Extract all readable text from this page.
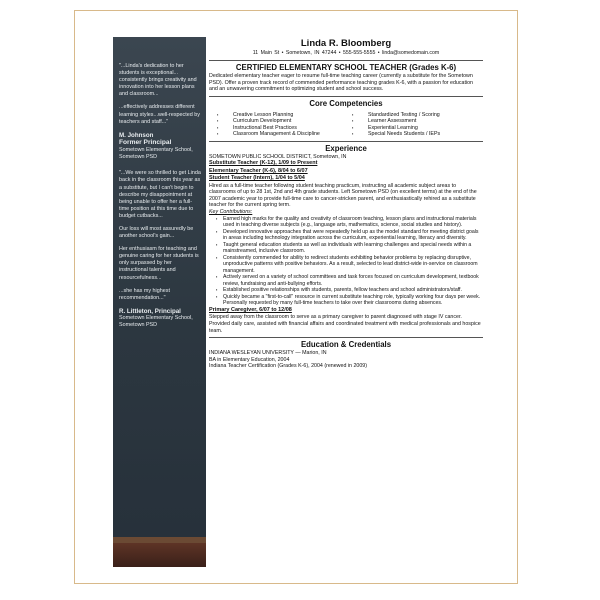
"...Linda's dedication to her students is exceptional... consistently brings creativity and innovation into her lesson plans and classroom...
...effectively addresses different learning styles...well-respected by teachers and staff..."
M. Johnson
Former Principal
Sometown Elementary School, Sometown PSD
"...We were so thrilled to get Linda back in the classroom this year as a substitute, but I can't begin to describe my disappointment at being unable to offer her a full-time position at this time due to budget cutbacks...
Our loss will most assuredly be another school's gain...
Her enthusiasm for teaching and genuine caring for her students is only surpassed by her instructional talents and resourcefulness...
...she has my highest recommendation..."
R. Littleton, Principal
Sometown Elementary School, Sometown PSD
Linda R. Bloomberg
11 Main St • Sometown, IN 47244 • 555-555-5555 • linda@somedomain.com
CERTIFIED ELEMENTARY SCHOOL TEACHER (Grades K-6)
Dedicated elementary teacher eager to resume full-time teaching career (currently a substitute for the Sometown PSD). Offer a proven track record of commended performance teaching grades K-6, with a passion for education and an unwavering commitment to optimizing student and school success.
Core Competencies
▪ Creative Lesson Planning
▪ Curriculum Development
▪ Instructional Best Practices
▪ Classroom Management & Discipline
▪ Standardized Testing / Scoring
▪ Learner Assessment
▪ Experiential Learning
▪ Special Needs Students / IEPs
Experience
SOMETOWN PUBLIC SCHOOL DISTRICT, Sometown, IN
Substitute Teacher (K-12), 1/09 to Present
Elementary Teacher (K-6), 8/04 to 6/07
Student Teacher (Intern), 1/04 to 5/04
Hired as a full-time teacher following student teaching practicum, instructing all academic subject areas to classrooms of up to 28 1st, 2nd and 4th grade students. Left Sometown PSD (on excellent terms) at the end of the 2007 academic year to provide full-time care to cancer-stricken parent, and enthusiastically rehired as a substitute teacher for the current spring term.
Key Contributions:
▪ Earned high marks for the quality and creativity of classroom teaching, lesson plans and instructional materials used in teaching diverse subjects (e.g., language arts, mathematics, science, social studies and history).
▪ Developed innovative approaches that were repeatedly held up as the model standard for meeting district goals in areas including technology integration across the curriculum, experiential learning, literacy and diversity.
▪ Taught general education students as well as individuals with learning challenges and special needs within a mainstreamed, inclusive classroom.
▪ Consistently commended for ability to redirect students exhibiting behavior problems by replacing disruptive, unproductive patterns with positive behaviors. As a result, selected to lead district-wide in-service on classroom management.
▪ Actively served on a variety of school committees and task forces focused on curriculum development, textbook review, fundraising and anti-bullying efforts.
▪ Established positive relationships with students, parents, fellow teachers and school administrators/staff.
▪ Quickly became a "first-to-call" resource in current substitute teaching role, typically working four days per week. Personally requested by many full-time teachers to take over their classrooms during absences.
Primary Caregiver, 6/07 to 12/08
Stepped away from the classroom to serve as a primary caregiver to parent diagnosed with stage IV cancer. Provided daily care, assisted with financial affairs and coordinated treatment with medical professionals and hospice team.
Education & Credentials
INDIANA WESLEYAN UNIVERSITY — Marion, IN
BA in Elementary Education, 2004
Indiana Teacher Certification (Grades K-6), 2004 (renewed in 2009)
